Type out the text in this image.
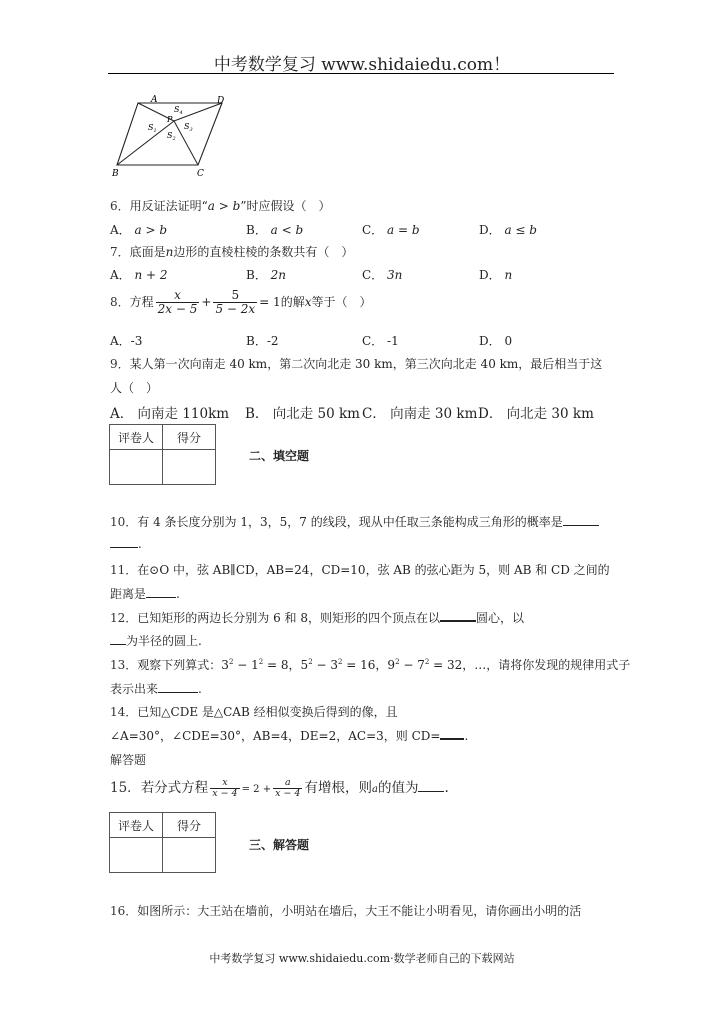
中考数学复习 www.shidaiedu.com！
A	D
B	C
P
$S_4$
$S_1$	$S_3$
$S_2$
6．用反证法证明“a > b”时应假设（　）
A． a > b	B． a < b	C． a = b	D． a ≤ b
7．底面是n边形的直棱柱棱的条数共有（　）
A． n + 2	B． 2n	C． 3n	D． n
8．方程 $\frac{x}{2x - 5} + \frac{5}{5 - 2x} = 1$的解x等于（　）
A．-3	B．-2	C． -1	D． 0
9．某人第一次向南走 40 km，第二次向北走 30 km，第三次向北走 40 km，最后相当于这
人（　）
A． 向南走 110km B． 向北走 50 km C． 向南走 30 km D． 向北走 30 km
评卷人	得分

二、填空题
10．有 4 条长度分别为 1，3，5，7 的线段，现从中任取三条能构成三角形的概率是
.
11．在⊙O 中，弦 AB∥CD，AB=24，CD=10，弦 AB 的弦心距为 5，则 AB 和 CD 之间的
距离是	.
12．已知矩形的两边长分别为 6 和 8，则矩形的四个顶点在以	圆心，以
为半径的圆上.
13．观察下列算式：$3^2 - 1^2 = 8$，$5^2 - 3^2 = 16$，$9^2 - 7^2 = 32$，…，请将你发现的规律用式子
表示出来	.
14．已知△CDE 是△CAB 经相似变换后得到的像，且
∠A=30°，∠CDE=30°，AB=4，DE=2，AC=3，则 CD= .
解答题
15．若分式方程 $\frac{x}{x - 4} = 2 + \frac{a}{x - 4}$ 有增根，则a的值为 .
评卷人	得分

三、解答题
16．如图所示：大王站在墙前，小明站在墙后，大王不能让小明看见，请你画出小明的活
中考数学复习 www.shidaiedu.com·数学老师自己的下载网站
